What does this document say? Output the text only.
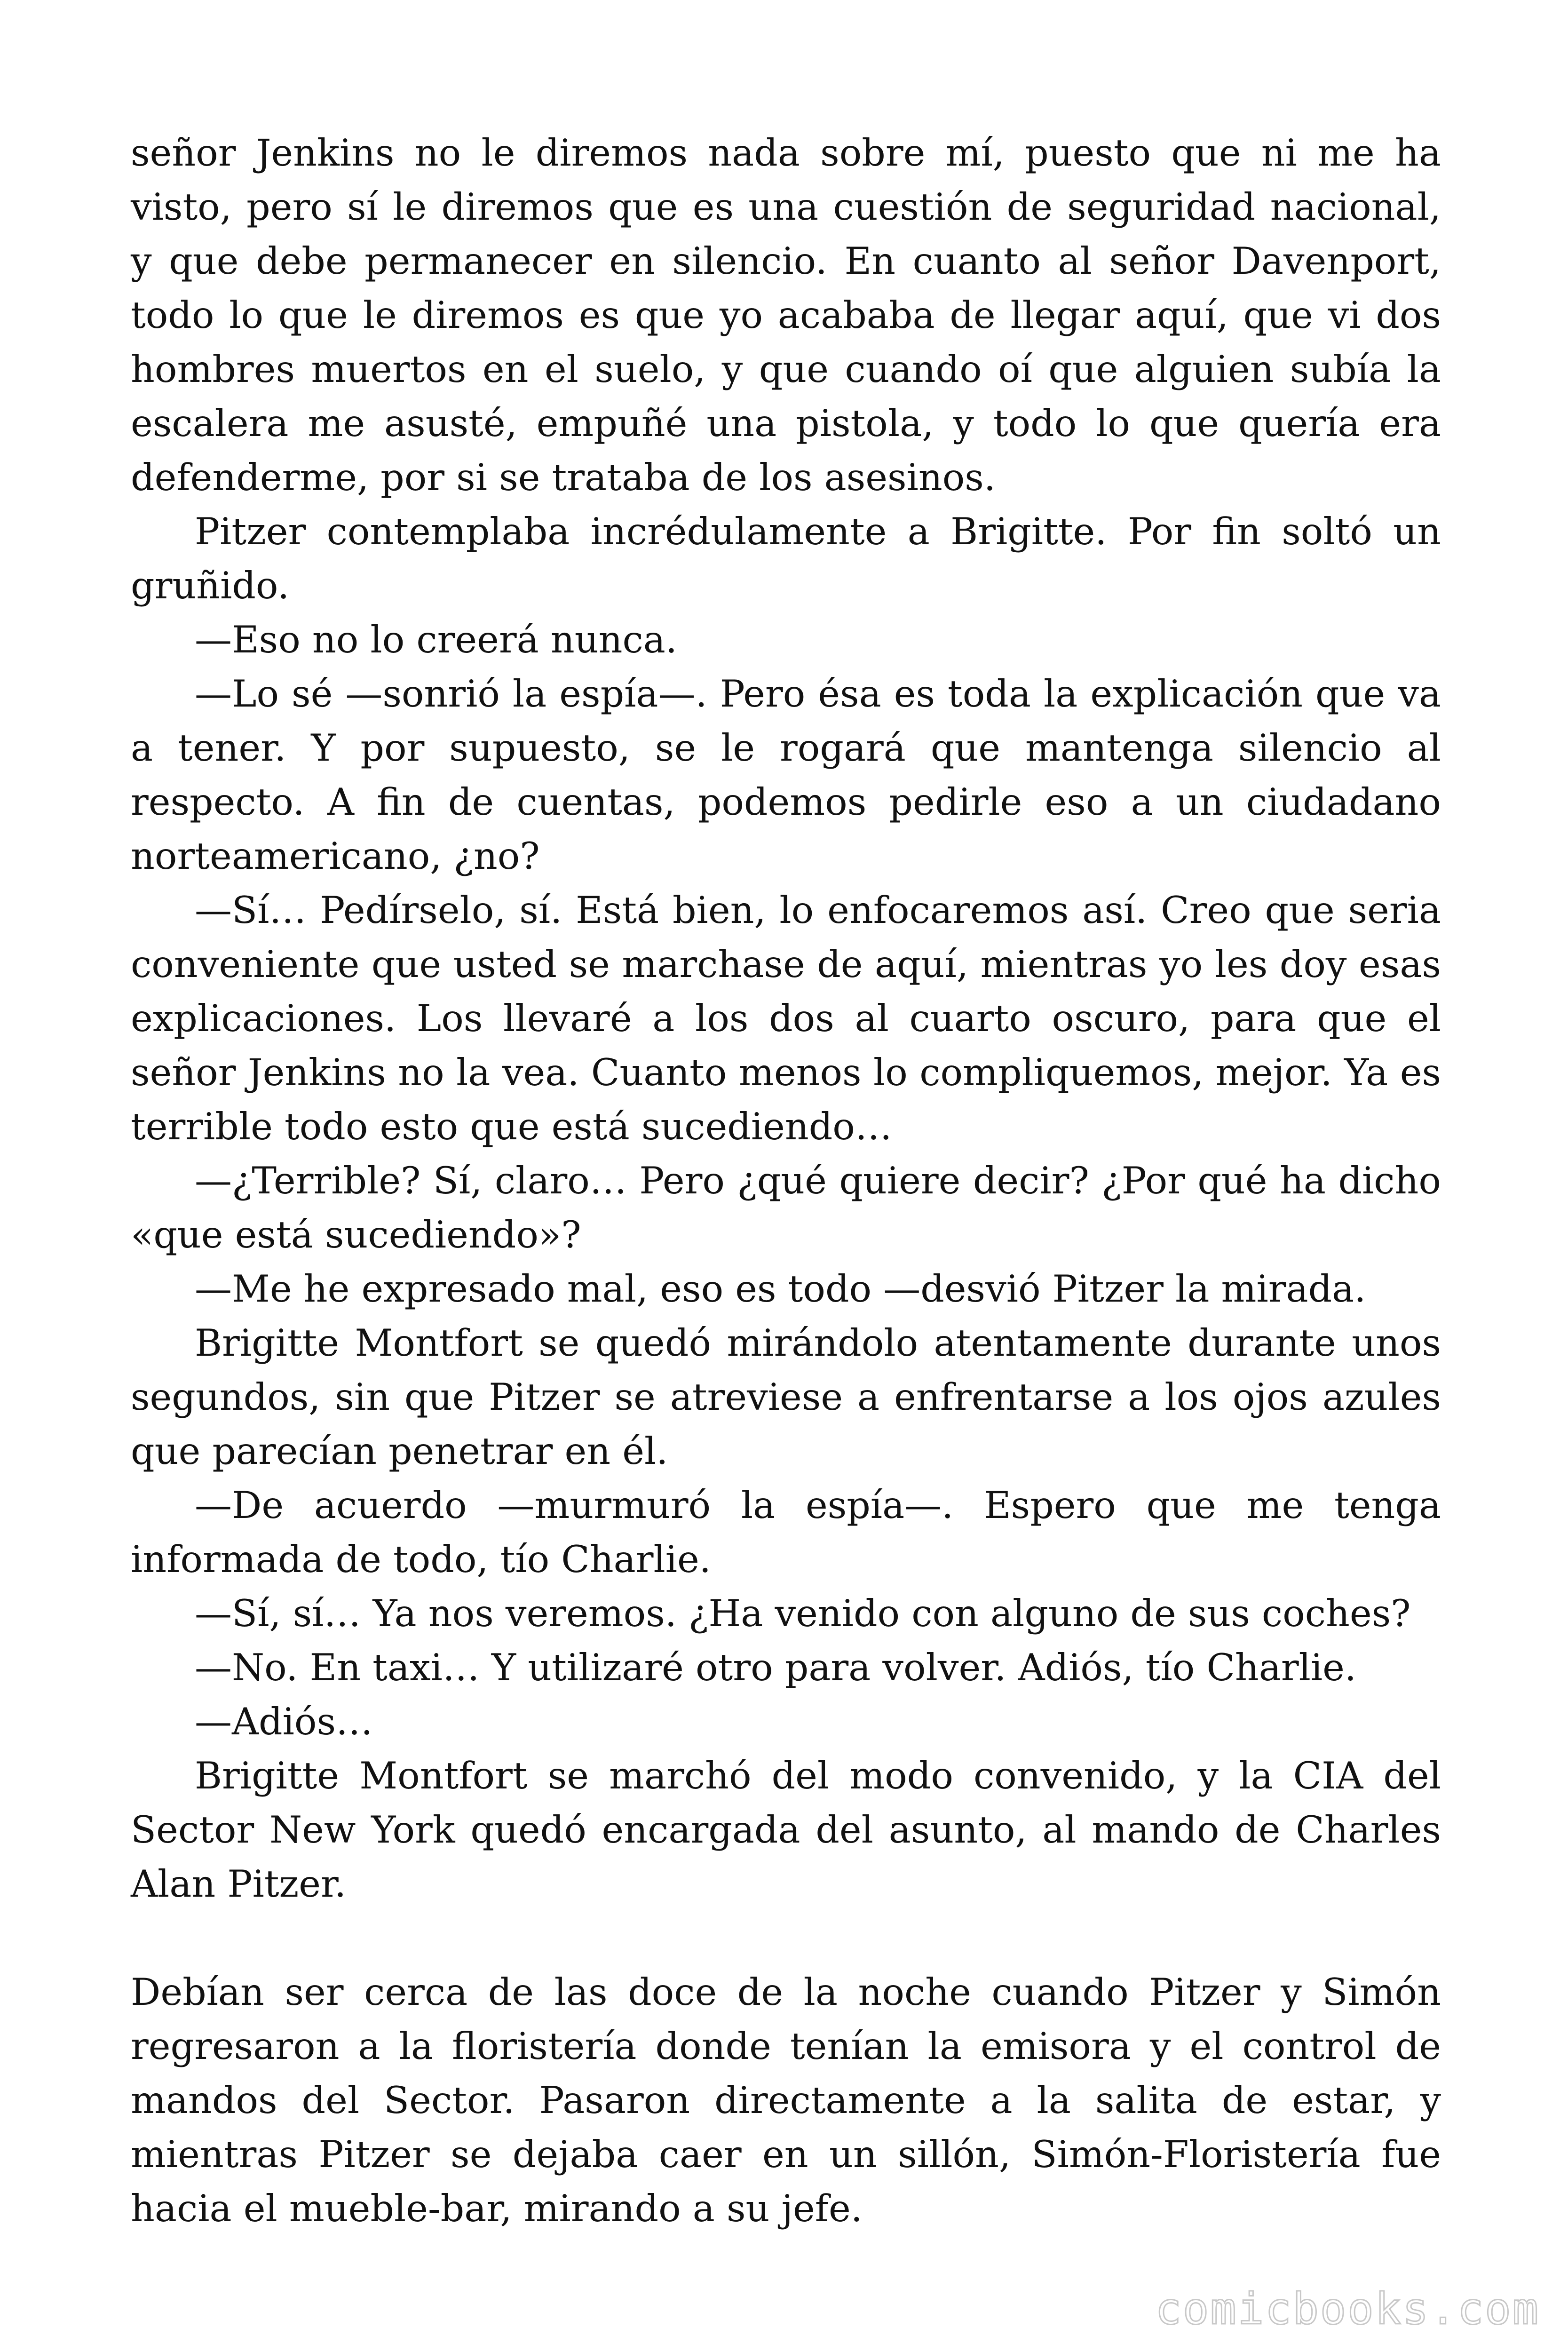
señor Jenkins no le diremos nada sobre mí, puesto que ni me ha visto, pero sí le diremos que es una cuestión de seguridad nacional, y que debe permanecer en silencio. En cuanto al señor Davenport, todo lo que le diremos es que yo acababa de llegar aquí, que vi dos hombres muertos en el suelo, y que cuando oí que alguien subía la escalera me asusté, empuñé una pistola, y todo lo que quería era defenderme, por si se trataba de los asesinos.

Pitzer contemplaba incrédulamente a Brigitte. Por fin soltó un gruñido.

—Eso no lo creerá nunca.

—Lo sé —sonrió la espía—. Pero ésa es toda la explicación que va a tener. Y por supuesto, se le rogará que mantenga silencio al respecto. A fin de cuentas, podemos pedirle eso a un ciudadano norteamericano, ¿no?

—Sí… Pedírselo, sí. Está bien, lo enfocaremos así. Creo que seria conveniente que usted se marchase de aquí, mientras yo les doy esas explicaciones. Los llevaré a los dos al cuarto oscuro, para que el señor Jenkins no la vea. Cuanto menos lo compliquemos, mejor. Ya es terrible todo esto que está sucediendo…

—¿Terrible? Sí, claro… Pero ¿qué quiere decir? ¿Por qué ha dicho «que está sucediendo»?

—Me he expresado mal, eso es todo —desvió Pitzer la mirada.

Brigitte Montfort se quedó mirándolo atentamente durante unos segundos, sin que Pitzer se atreviese a enfrentarse a los ojos azules que parecían penetrar en él.

—De acuerdo —murmuró la espía—. Espero que me tenga informada de todo, tío Charlie.

—Sí, sí… Ya nos veremos. ¿Ha venido con alguno de sus coches?

—No. En taxi… Y utilizaré otro para volver. Adiós, tío Charlie.

—Adiós…

Brigitte Montfort se marchó del modo convenido, y la CIA del Sector New York quedó encargada del asunto, al mando de Charles Alan Pitzer.

Debían ser cerca de las doce de la noche cuando Pitzer y Simón regresaron a la floristería donde tenían la emisora y el control de mandos del Sector. Pasaron directamente a la salita de estar, y mientras Pitzer se dejaba caer en un sillón, Simón-Floristería fue hacia el mueble-bar, mirando a su jefe.

comicbooks.com
